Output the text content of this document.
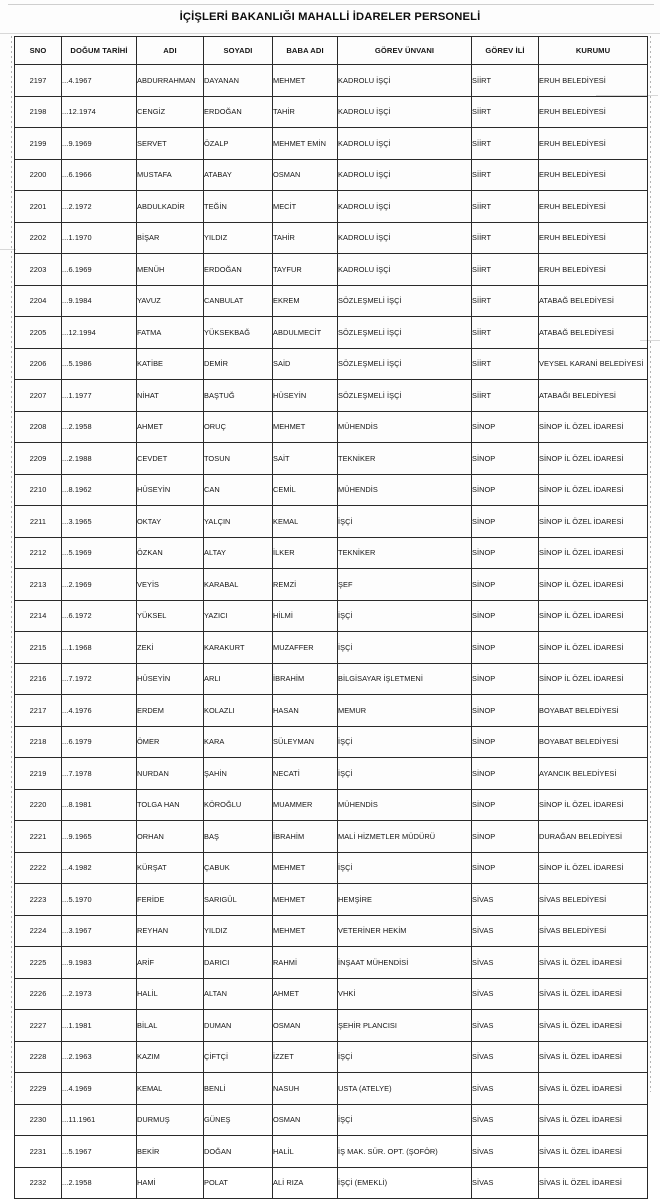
İÇİŞLERİ BAKANLIĞI MAHALLİ İDARELER PERSONELİ
SNO	DOĞUM TARİHİ	ADI	SOYADI	BABA ADI	GÖREV ÜNVANI	GÖREV İLİ	KURUMU
2197	...4.1967	ABDURRAHMAN	DAYANAN	MEHMET	KADROLU İŞÇİ	SİİRT	ERUH BELEDİYESİ
2198	...12.1974	CENGİZ	ERDOĞAN	TAHİR	KADROLU İŞÇİ	SİİRT	ERUH BELEDİYESİ
2199	...9.1969	SERVET	ÖZALP	MEHMET EMİN	KADROLU İŞÇİ	SİİRT	ERUH BELEDİYESİ
2200	...6.1966	MUSTAFA	ATABAY	OSMAN	KADROLU İŞÇİ	SİİRT	ERUH BELEDİYESİ
2201	...2.1972	ABDULKADİR	TEĞİN	MECİT	KADROLU İŞÇİ	SİİRT	ERUH BELEDİYESİ
2202	...1.1970	BİŞAR	YILDIZ	TAHİR	KADROLU İŞÇİ	SİİRT	ERUH BELEDİYESİ
2203	...6.1969	MENÜH	ERDOĞAN	TAYFUR	KADROLU İŞÇİ	SİİRT	ERUH BELEDİYESİ
2204	...9.1984	YAVUZ	CANBULAT	EKREM	SÖZLEŞMELİ İŞÇİ	SİİRT	ATABAĞ BELEDİYESİ
2205	...12.1994	FATMA	YÜKSEKBAĞ	ABDULMECİT	SÖZLEŞMELİ İŞÇİ	SİİRT	ATABAĞ BELEDİYESİ
2206	...5.1986	KATİBE	DEMİR	SAİD	SÖZLEŞMELİ İŞÇİ	SİİRT	VEYSEL KARANİ BELEDİYESİ
2207	...1.1977	NİHAT	BAŞTUĞ	HÜSEYİN	SÖZLEŞMELİ İŞÇİ	SİİRT	ATABAĞI BELEDİYESİ
2208	...2.1958	AHMET	ORUÇ	MEHMET	MÜHENDİS	SİNOP	SİNOP İL ÖZEL İDARESİ
2209	...2.1988	CEVDET	TOSUN	SAİT	TEKNİKER	SİNOP	SİNOP İL ÖZEL İDARESİ
2210	...8.1962	HÜSEYİN	CAN	CEMİL	MÜHENDİS	SİNOP	SİNOP İL ÖZEL İDARESİ
2211	...3.1965	OKTAY	YALÇIN	KEMAL	İŞÇİ	SİNOP	SİNOP İL ÖZEL İDARESİ
2212	...5.1969	ÖZKAN	ALTAY	İLKER	TEKNİKER	SİNOP	SİNOP İL ÖZEL İDARESİ
2213	...2.1969	VEYİS	KARABAL	REMZİ	ŞEF	SİNOP	SİNOP İL ÖZEL İDARESİ
2214	...6.1972	YÜKSEL	YAZICI	HİLMİ	İŞÇİ	SİNOP	SİNOP İL ÖZEL İDARESİ
2215	...1.1968	ZEKİ	KARAKURT	MUZAFFER	İŞÇİ	SİNOP	SİNOP İL ÖZEL İDARESİ
2216	...7.1972	HÜSEYİN	ARLI	İBRAHİM	BİLGİSAYAR İŞLETMENİ	SİNOP	SİNOP İL ÖZEL İDARESİ
2217	...4.1976	ERDEM	KOLAZLI	HASAN	MEMUR	SİNOP	BOYABAT BELEDİYESİ
2218	...6.1979	ÖMER	KARA	SÜLEYMAN	İŞÇİ	SİNOP	BOYABAT BELEDİYESİ
2219	...7.1978	NURDAN	ŞAHİN	NECATİ	İŞÇİ	SİNOP	AYANCIK BELEDİYESİ
2220	...8.1981	TOLGA HAN	KÖROĞLU	MUAMMER	MÜHENDİS	SİNOP	SİNOP İL ÖZEL İDARESİ
2221	...9.1965	ORHAN	BAŞ	İBRAHİM	MALİ HİZMETLER MÜDÜRÜ	SİNOP	DURAĞAN BELEDİYESİ
2222	...4.1982	KÜRŞAT	ÇABUK	MEHMET	İŞÇİ	SİNOP	SİNOP İL ÖZEL İDARESİ
2223	...5.1970	FERİDE	SARIGÜL	MEHMET	HEMŞİRE	SİVAS	SİVAS BELEDİYESİ
2224	...3.1967	REYHAN	YILDIZ	MEHMET	VETERİNER HEKİM	SİVAS	SİVAS BELEDİYESİ
2225	...9.1983	ARİF	DARICI	RAHMİ	İNŞAAT MÜHENDİSİ	SİVAS	SİVAS İL ÖZEL İDARESİ
2226	...2.1973	HALİL	ALTAN	AHMET	VHKİ	SİVAS	SİVAS İL ÖZEL İDARESİ
2227	...1.1981	BİLAL	DUMAN	OSMAN	ŞEHİR PLANCISI	SİVAS	SİVAS İL ÖZEL İDARESİ
2228	...2.1963	KAZIM	ÇİFTÇİ	İZZET	İŞÇİ	SİVAS	SİVAS İL ÖZEL İDARESİ
2229	...4.1969	KEMAL	BENLİ	NASUH	USTA (ATELYE)	SİVAS	SİVAS İL ÖZEL İDARESİ
2230	...11.1961	DURMUŞ	GÜNEŞ	OSMAN	İŞÇİ	SİVAS	SİVAS İL ÖZEL İDARESİ
2231	...5.1967	BEKİR	DOĞAN	HALİL	İŞ MAK. SÜR. OPT. (ŞOFÖR)	SİVAS	SİVAS İL ÖZEL İDARESİ
2232	...2.1958	HAMİ	POLAT	ALİ RIZA	İŞÇİ (EMEKLİ)	SİVAS	SİVAS İL ÖZEL İDARESİ
